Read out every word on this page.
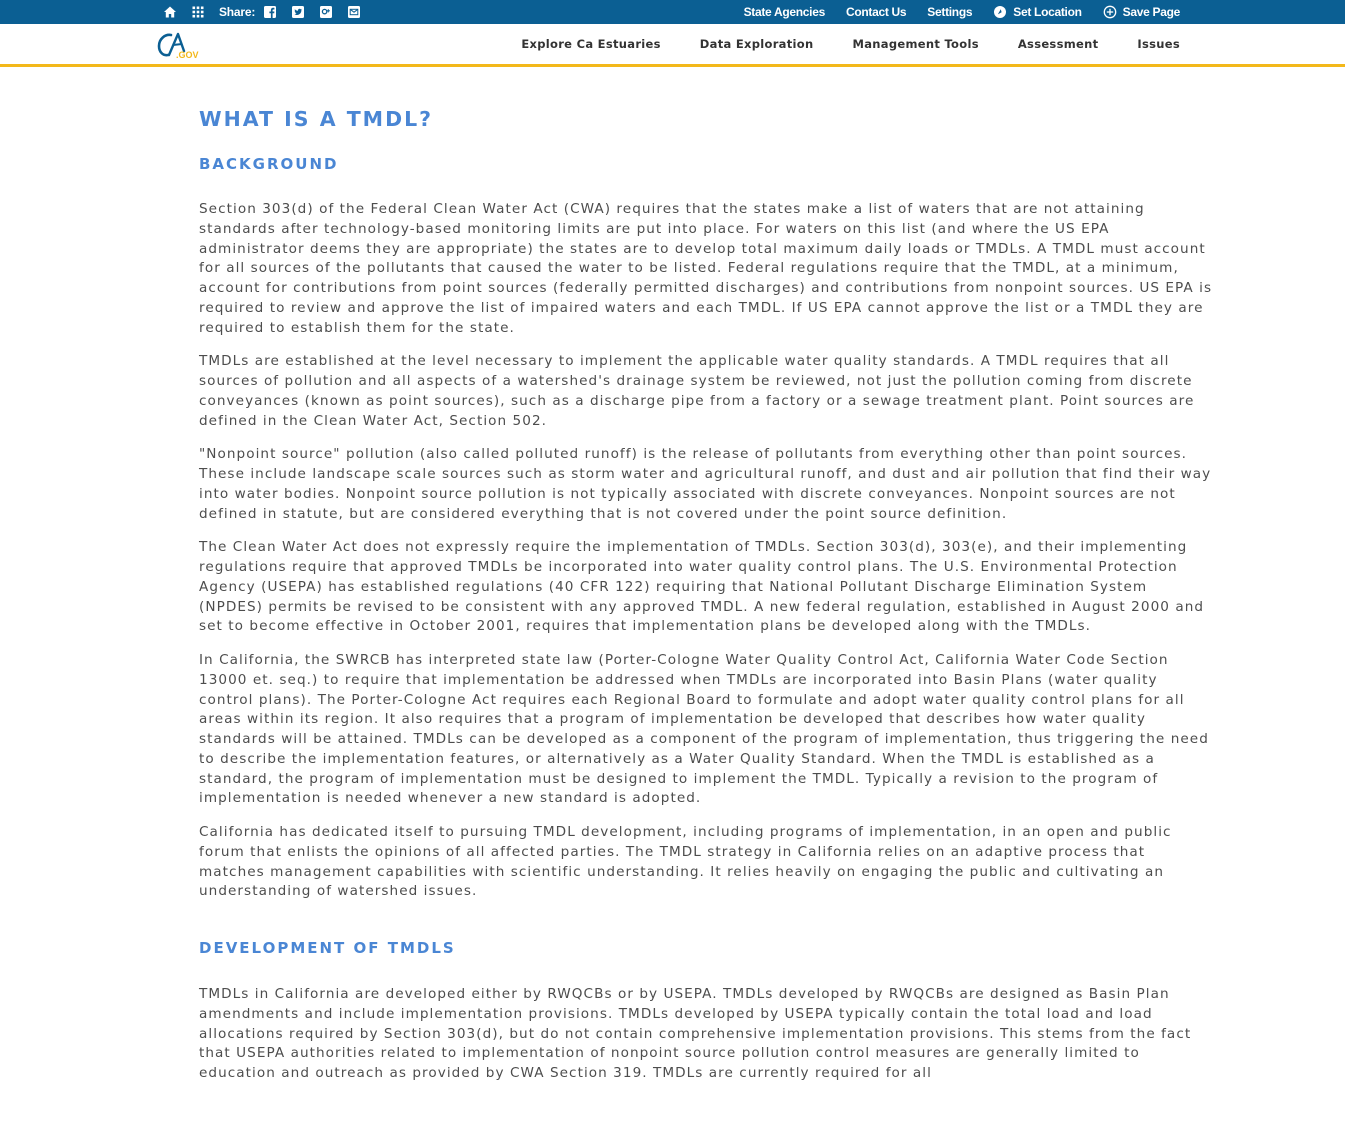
Share:	State Agencies Contact Us Settings	Set Location	Save Page
.GOV
Explore Ca Estuaries	Data Exploration	Management Tools	Assessment	Issues
WHAT IS A TMDL?
BACKGROUND

Section 303(d) of the Federal Clean Water Act (CWA) requires that the states make a list of waters that are not attaining standards after technology-based monitoring limits are put into place. For waters on this list (and where the US EPA administrator deems they are appropriate) the states are to develop total maximum daily loads or TMDLs. A TMDL must account for all sources of the pollutants that caused the water to be listed. Federal regulations require that the TMDL, at a minimum, account for contributions from point sources (federally permitted discharges) and contributions from nonpoint sources. US EPA is required to review and approve the list of impaired waters and each TMDL. If US EPA cannot approve the list or a TMDL they are required to establish them for the state.

TMDLs are established at the level necessary to implement the applicable water quality standards. A TMDL requires that all sources of pollution and all aspects of a watershed's drainage system be reviewed, not just the pollution coming from discrete conveyances (known as point sources), such as a discharge pipe from a factory or a sewage treatment plant. Point sources are defined in the Clean Water Act, Section 502.

"Nonpoint source" pollution (also called polluted runoff) is the release of pollutants from everything other than point sources. These include landscape scale sources such as storm water and agricultural runoff, and dust and air pollution that find their way into water bodies. Nonpoint source pollution is not typically associated with discrete conveyances. Nonpoint sources are not defined in statute, but are considered everything that is not covered under the point source definition.

The Clean Water Act does not expressly require the implementation of TMDLs. Section 303(d), 303(e), and their implementing regulations require that approved TMDLs be incorporated into water quality control plans. The U.S. Environmental Protection Agency (USEPA) has established regulations (40 CFR 122) requiring that National Pollutant Discharge Elimination System (NPDES) permits be revised to be consistent with any approved TMDL. A new federal regulation, established in August 2000 and set to become effective in October 2001, requires that implementation plans be developed along with the TMDLs.

In California, the SWRCB has interpreted state law (Porter-Cologne Water Quality Control Act, California Water Code Section 13000 et. seq.) to require that implementation be addressed when TMDLs are incorporated into Basin Plans (water quality control plans). The Porter-Cologne Act requires each Regional Board to formulate and adopt water quality control plans for all areas within its region. It also requires that a program of implementation be developed that describes how water quality standards will be attained. TMDLs can be developed as a component of the program of implementation, thus triggering the need to describe the implementation features, or alternatively as a Water Quality Standard. When the TMDL is established as a standard, the program of implementation must be designed to implement the TMDL. Typically a revision to the program of implementation is needed whenever a new standard is adopted.

California has dedicated itself to pursuing TMDL development, including programs of implementation, in an open and public forum that enlists the opinions of all affected parties. The TMDL strategy in California relies on an adaptive process that matches management capabilities with scientific understanding. It relies heavily on engaging the public and cultivating an understanding of watershed issues.

DEVELOPMENT OF TMDLS

TMDLs in California are developed either by RWQCBs or by USEPA. TMDLs developed by RWQCBs are designed as Basin Plan amendments and include implementation provisions. TMDLs developed by USEPA typically contain the total load and load allocations required by Section 303(d), but do not contain comprehensive implementation provisions. This stems from the fact that USEPA authorities related to implementation of nonpoint source pollution control measures are generally limited to education and outreach as provided by CWA Section 319. TMDLs are currently required for all
